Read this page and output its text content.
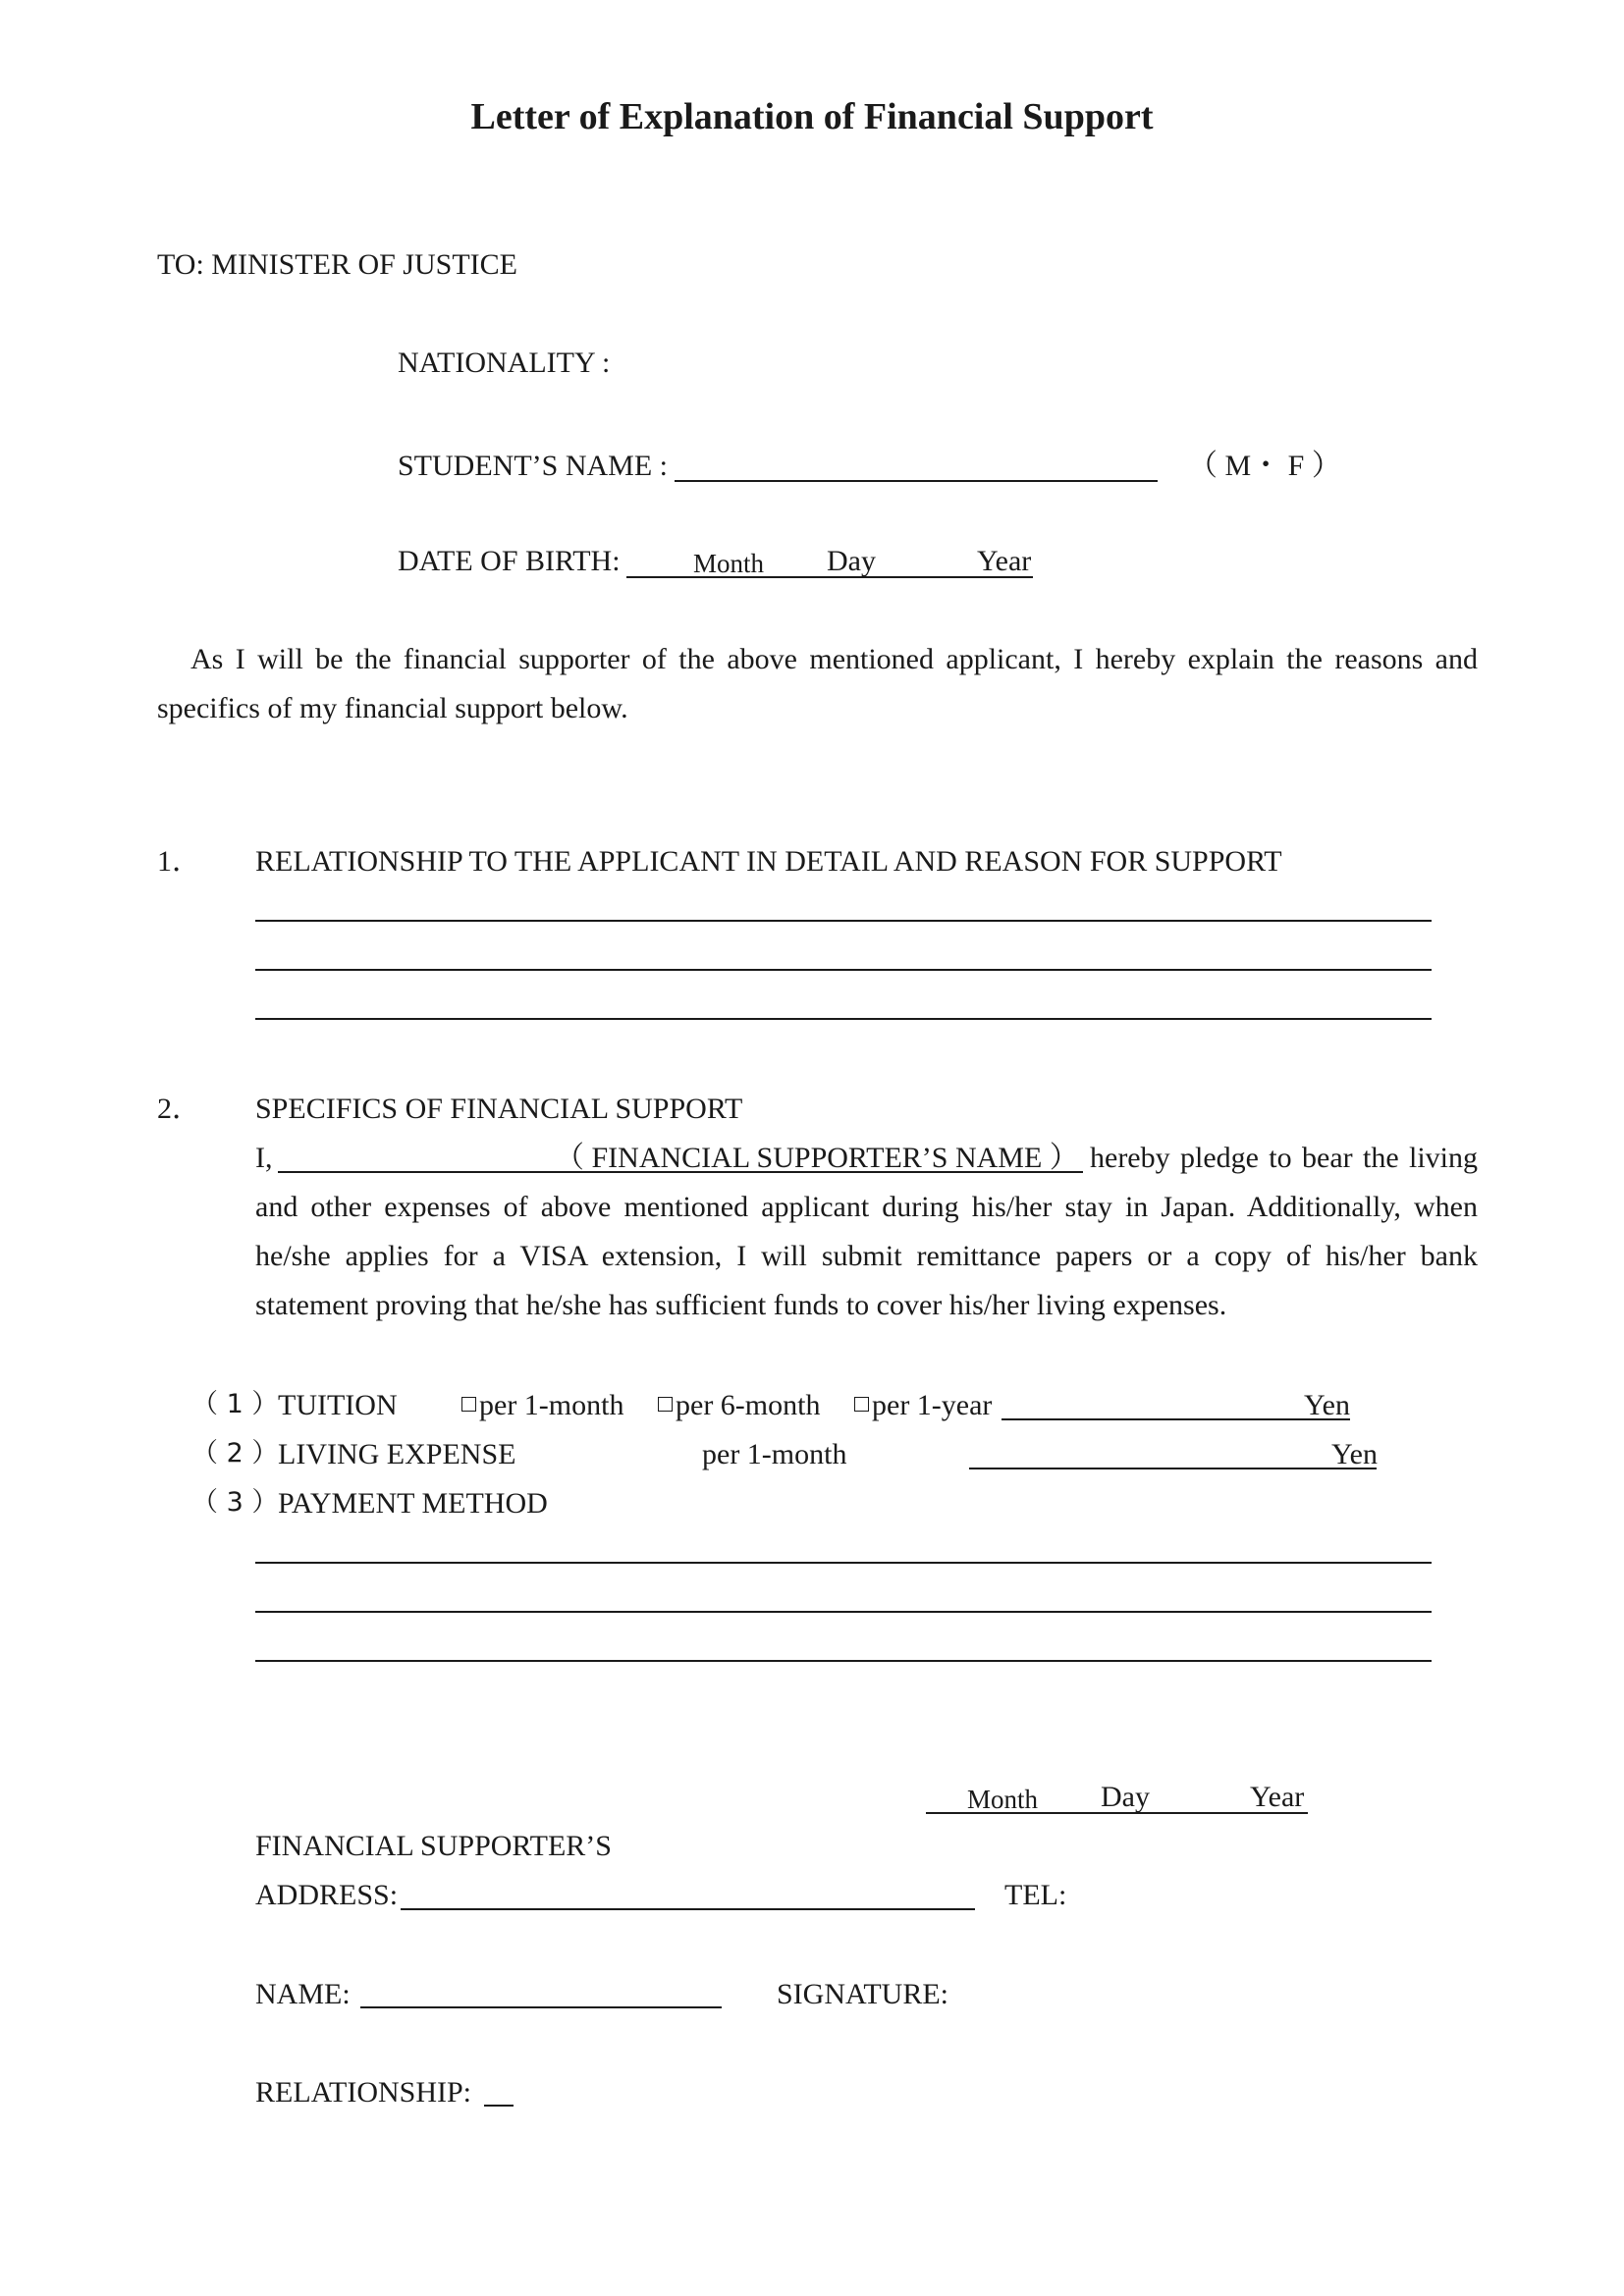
Letter of Explanation of Financial Support
TO: MINISTER OF JUSTICE
NATIONALITY :
STUDENT’S NAME :	（ M・ F ）
DATE OF BIRTH:	Month Day	Year
As I will be the financial supporter of the above mentioned applicant, I hereby explain the reasons and specifics of my financial support below.
1． RELATIONSHIP TO THE APPLICANT IN DETAIL AND REASON FOR SUPPORT
2． SPECIFICS OF FINANCIAL SUPPORT
I,	（ FINANCIAL SUPPORTER’S NAME ） hereby pledge to bear the living and other expenses of above mentioned applicant during his/her stay in Japan. Additionally, when he/she applies for a VISA extension, I will submit remittance papers or a copy of his/her bank statement proving that he/she has sufficient funds to cover his/her living expenses.
（ 1 ） TUITION	per 1-month	per 6-month	per 1-year	Yen
（ 2 ） LIVING EXPENSE	per 1-month	Yen
（ 3 ） PAYMENT METHOD
Month Day	Year
FINANCIAL SUPPORTER’S
ADDRESS:	TEL:
NAME:	SIGNATURE:
RELATIONSHIP:
